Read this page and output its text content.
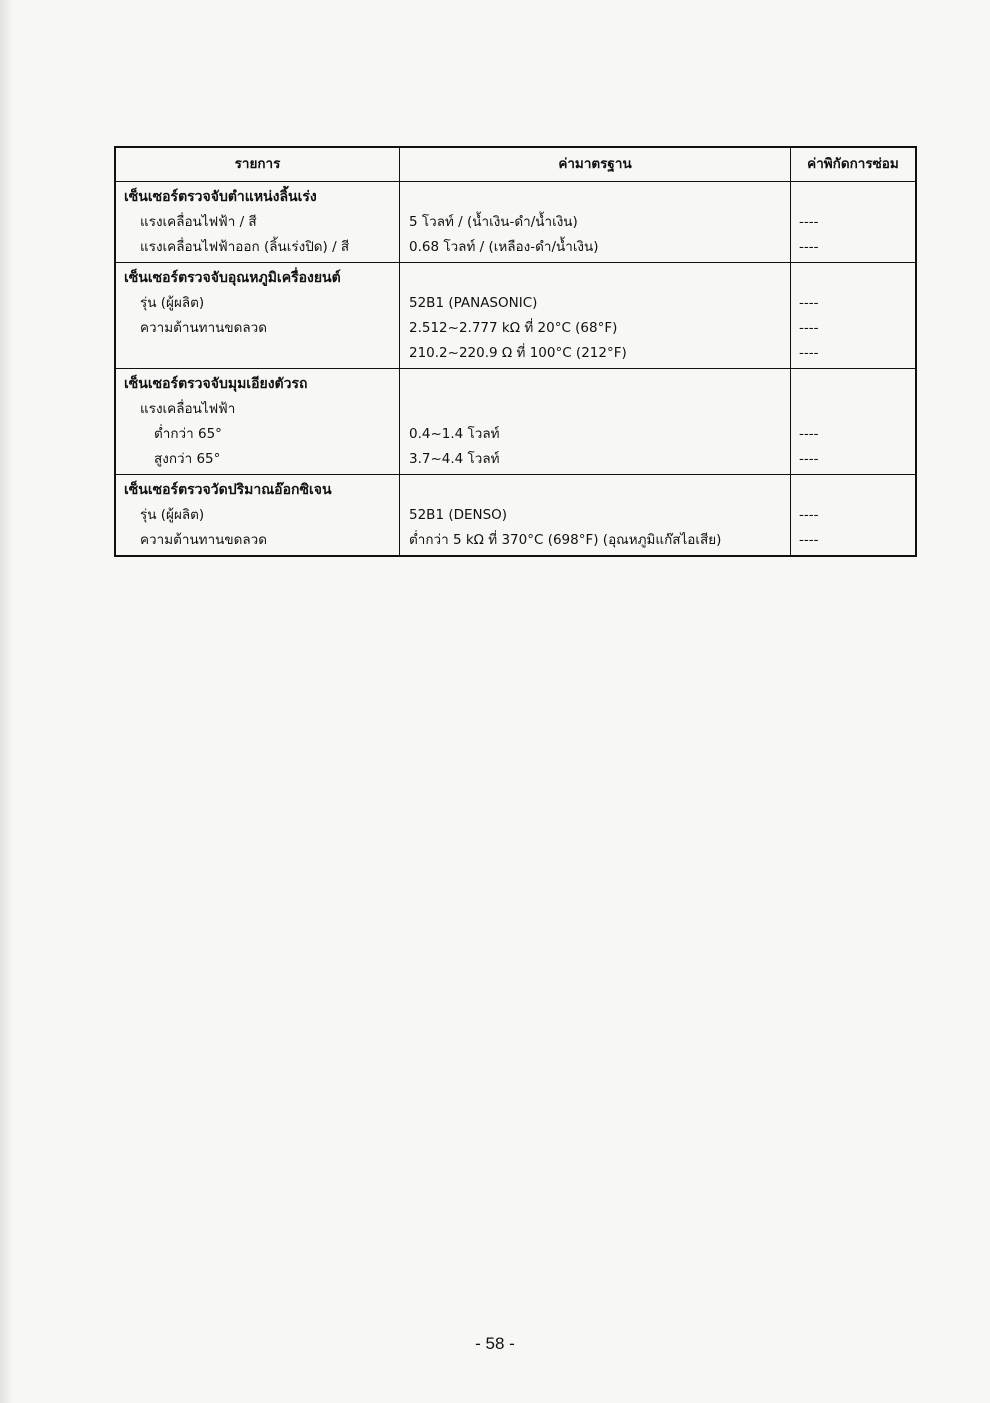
รายการ	ค่ามาตรฐาน	ค่าพิกัดการซ่อม
เซ็นเซอร์ตรวจจับตำแหน่งลิ้นเร่ง
แรงเคลื่อนไฟฟ้า / สี
แรงเคลื่อนไฟฟ้าออก (ลิ้นเร่งปิด) / สี
5 โวลท์ / (น้ำเงิน-ดำ/น้ำเงิน)
0.68 โวลท์ / (เหลือง-ดำ/น้ำเงิน)
----
----
เซ็นเซอร์ตรวจจับอุณหภูมิเครื่องยนต์
รุ่น (ผู้ผลิต)
ความต้านทานขดลวด
52B1 (PANASONIC)
2.512~2.777 kΩ ที่ 20°C (68°F)
210.2~220.9 Ω ที่ 100°C (212°F)
----
----
----
เซ็นเซอร์ตรวจจับมุมเอียงตัวรถ
แรงเคลื่อนไฟฟ้า
ต่ำกว่า 65°
สูงกว่า 65°
0.4~1.4 โวลท์
3.7~4.4 โวลท์
----
----
เซ็นเซอร์ตรวจวัดปริมาณอ๊อกซิเจน
รุ่น (ผู้ผลิต)
ความต้านทานขดลวด
52B1 (DENSO)
ต่ำกว่า 5 kΩ ที่ 370°C (698°F) (อุณหภูมิแก๊สไอเสีย)
----
----
- 58 -
